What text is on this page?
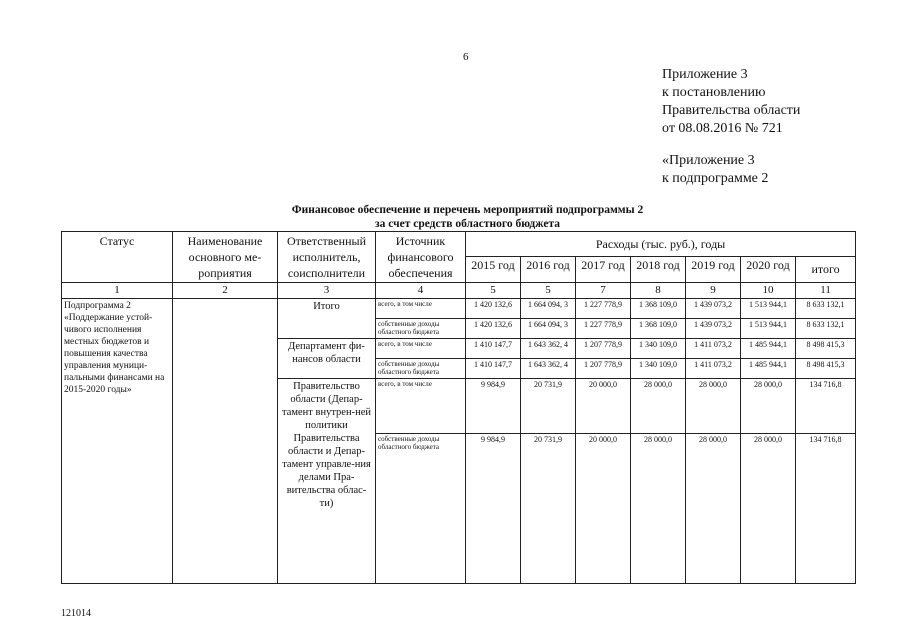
6
Приложение 3
к постановлению
Правительства области
от 08.08.2016 № 721
«Приложение 3
к подпрограмме 2
Финансовое обеспечение и перечень мероприятий подпрограммы 2
за счет средств областного бюджета
Статус	Наименование основного ме-роприятия	Ответственный исполнитель, соисполнители	Источник финансового обеспечения	Расходы (тыс. руб.), годы						
				2015 год	2016 год	2017 год	2018 год	2019 год	2020 год	итого
1	2	3	4	5	5	7	8	9	10	11
Подпрограмма 2 «Поддержание устой-чивого исполнения местных бюджетов и повышения качества управления муници-пальными финансами на 2015-2020 годы»		Итого	всего, в том числе	1 420 132,6	1 664 094, 3	1 227 778,9	1 368 109,0	1 439 073,2	1 513 944,1	8 633 132,1
			собственные доходы областного бюджета	1 420 132,6	1 664 094, 3	1 227 778,9	1 368 109,0	1 439 073,2	1 513 944,1	8 633 132,1
		Департамент фи-нансов области	всего, в том числе	1 410 147,7	1 643 362, 4	1 207 778,9	1 340 109,0	1 411 073,2	1 485 944,1	8 498 415,3
			собственные доходы областного бюджета	1 410 147,7	1 643 362, 4	1 207 778,9	1 340 109,0	1 411 073,2	1 485 944,1	8 498 415,3
		Правительство области (Депар-тамент внутрен-ней политики Правительства области и Депар-тамент управле-ния делами Пра-вительства облас-ти)	всего, в том числе	9 984,9	20 731,9	20 000,0	28 000,0	28 000,0	28 000,0	134 716,8
			собственные доходы областного бюджета	9 984,9	20 731,9	20 000,0	28 000,0	28 000,0	28 000,0	134 716,8
121014
